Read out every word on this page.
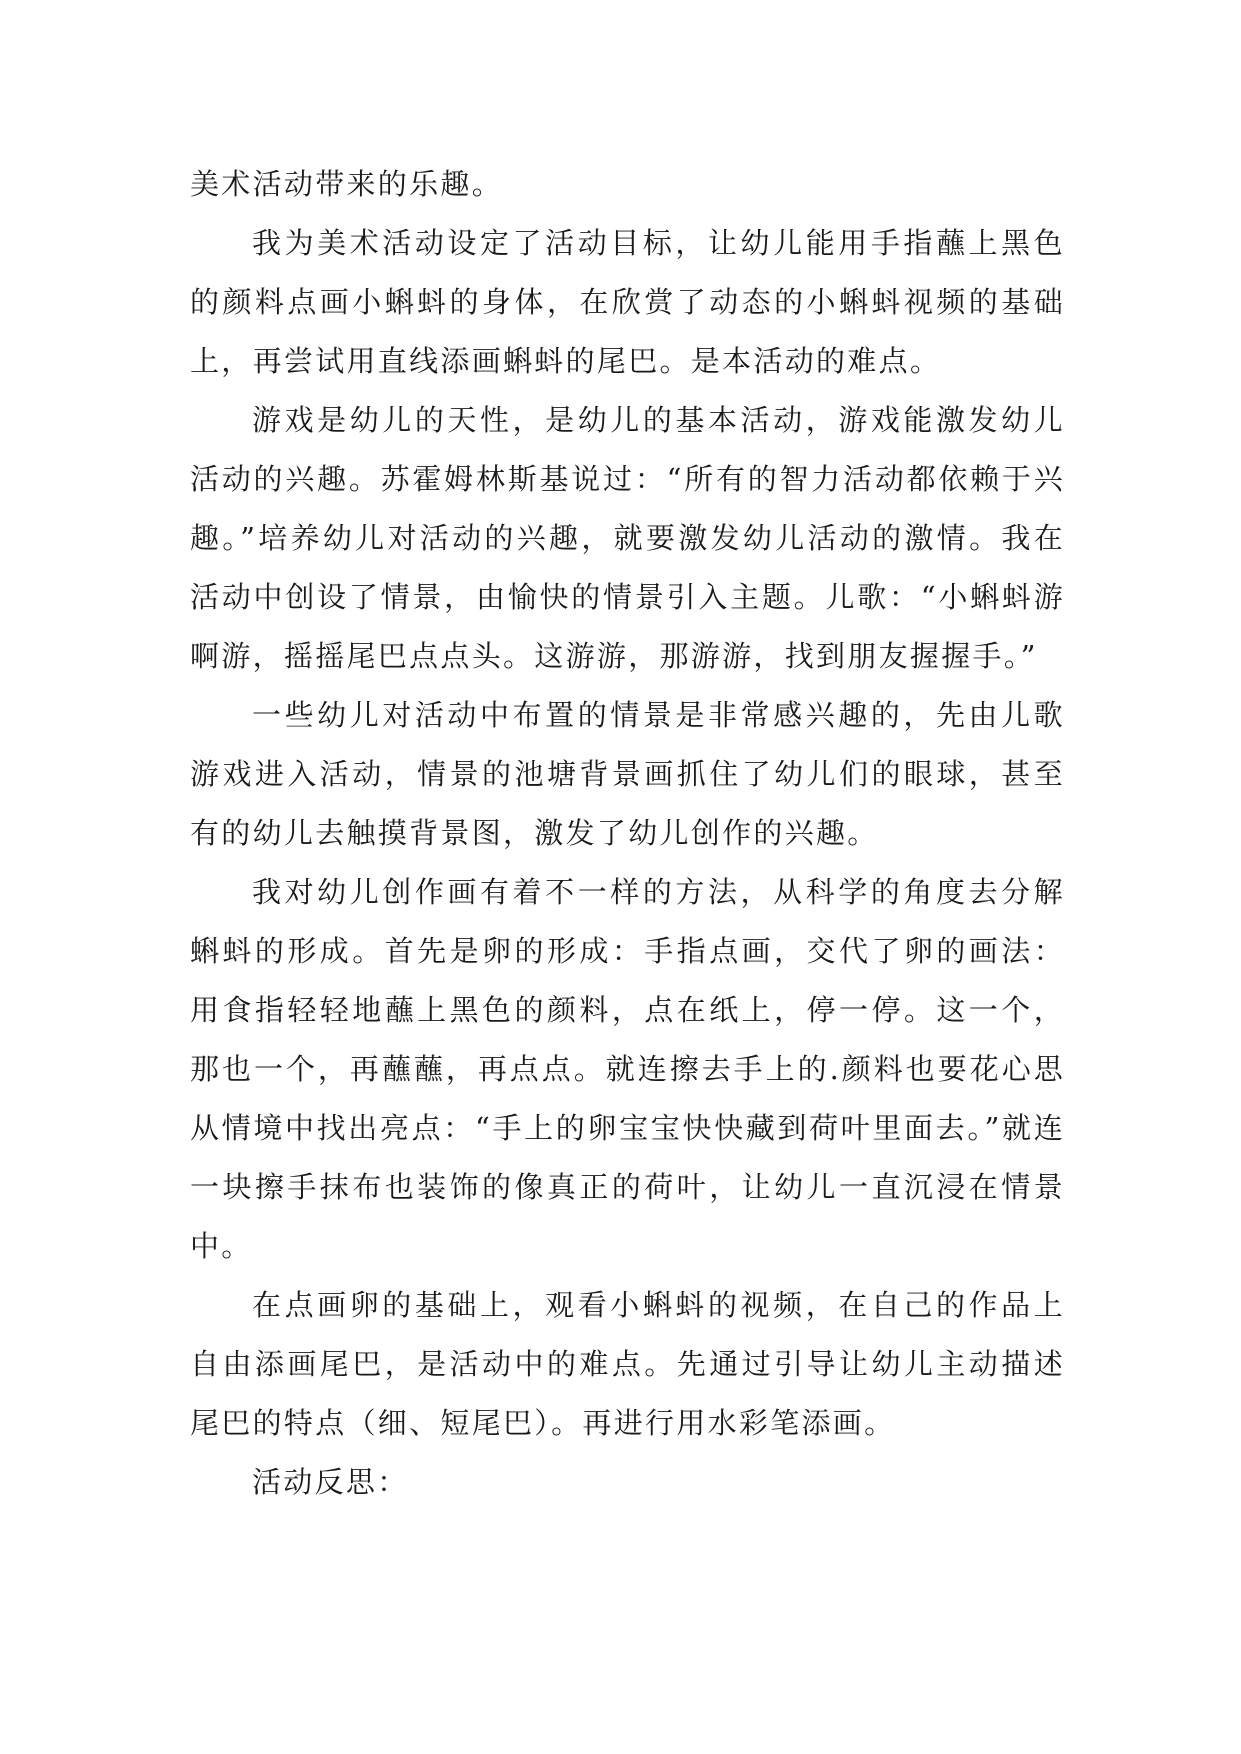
美术活动带来的乐趣。

我为美术活动设定了活动目标，让幼儿能用手指蘸上黑色的颜料点画小蝌蚪的身体，在欣赏了动态的小蝌蚪视频的基础上，再尝试用直线添画蝌蚪的尾巴。是本活动的难点。

游戏是幼儿的天性，是幼儿的基本活动，游戏能激发幼儿活动的兴趣。苏霍姆林斯基说过：“所有的智力活动都依赖于兴趣。”培养幼儿对活动的兴趣，就要激发幼儿活动的激情。我在活动中创设了情景，由愉快的情景引入主题。儿歌：“小蝌蚪游啊游，摇摇尾巴点点头。这游游，那游游，找到朋友握握手。”

一些幼儿对活动中布置的情景是非常感兴趣的，先由儿歌游戏进入活动，情景的池塘背景画抓住了幼儿们的眼球，甚至有的幼儿去触摸背景图，激发了幼儿创作的兴趣。

我对幼儿创作画有着不一样的方法，从科学的角度去分解蝌蚪的形成。首先是卵的形成：手指点画，交代了卵的画法：用食指轻轻地蘸上黑色的颜料，点在纸上，停一停。这一个，那也一个，再蘸蘸，再点点。就连擦去手上的.颜料也要花心思从情境中找出亮点：“手上的卵宝宝快快藏到荷叶里面去。”就连一块擦手抹布也装饰的像真正的荷叶，让幼儿一直沉浸在情景中。

在点画卵的基础上，观看小蝌蚪的视频，在自己的作品上自由添画尾巴，是活动中的难点。先通过引导让幼儿主动描述尾巴的特点（细、短尾巴）。再进行用水彩笔添画。

活动反思：
